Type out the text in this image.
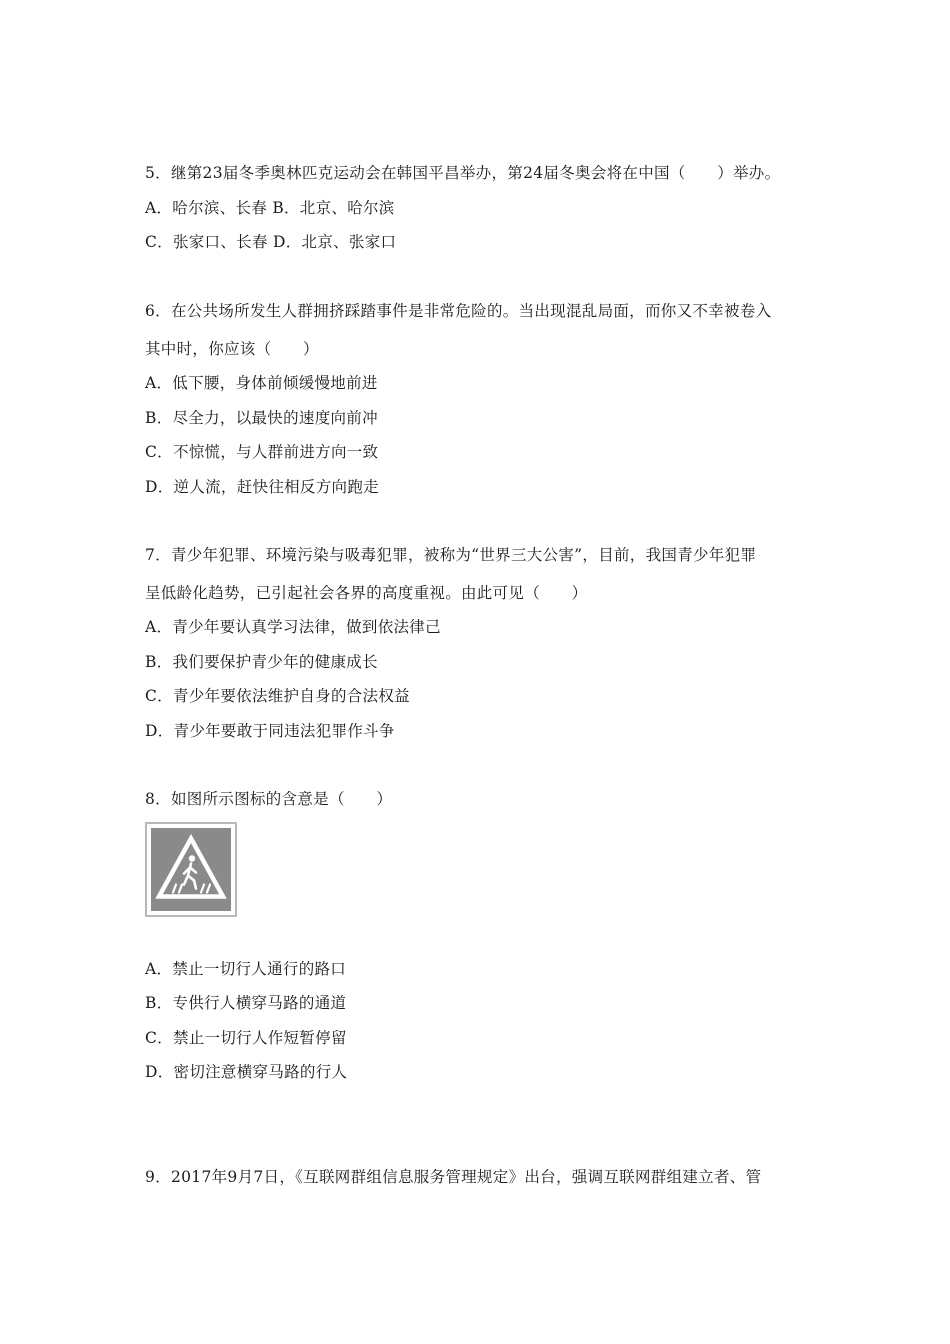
5．继第23届冬季奥林匹克运动会在韩国平昌举办，第24届冬奥会将在中国（　　）举办。
A．哈尔滨、长春 B．北京、哈尔滨
C．张家口、长春 D．北京、张家口
6．在公共场所发生人群拥挤踩踏事件是非常危险的。当出现混乱局面，而你又不幸被卷入
其中时，你应该（　　）
A．低下腰，身体前倾缓慢地前进
B．尽全力，以最快的速度向前冲
C．不惊慌，与人群前进方向一致
D．逆人流，赶快往相反方向跑走
7．青少年犯罪、环境污染与吸毒犯罪，被称为“世界三大公害”，目前，我国青少年犯罪
呈低龄化趋势，已引起社会各界的高度重视。由此可见（　　）
A．青少年要认真学习法律，做到依法律己
B．我们要保护青少年的健康成长
C．青少年要依法维护自身的合法权益
D．青少年要敢于同违法犯罪作斗争
8．如图所示图标的含意是（　　）
A．禁止一切行人通行的路口
B．专供行人横穿马路的通道
C．禁止一切行人作短暂停留
D．密切注意横穿马路的行人
9．2017年9月7日，《互联网群组信息服务管理规定》出台，强调互联网群组建立者、管
